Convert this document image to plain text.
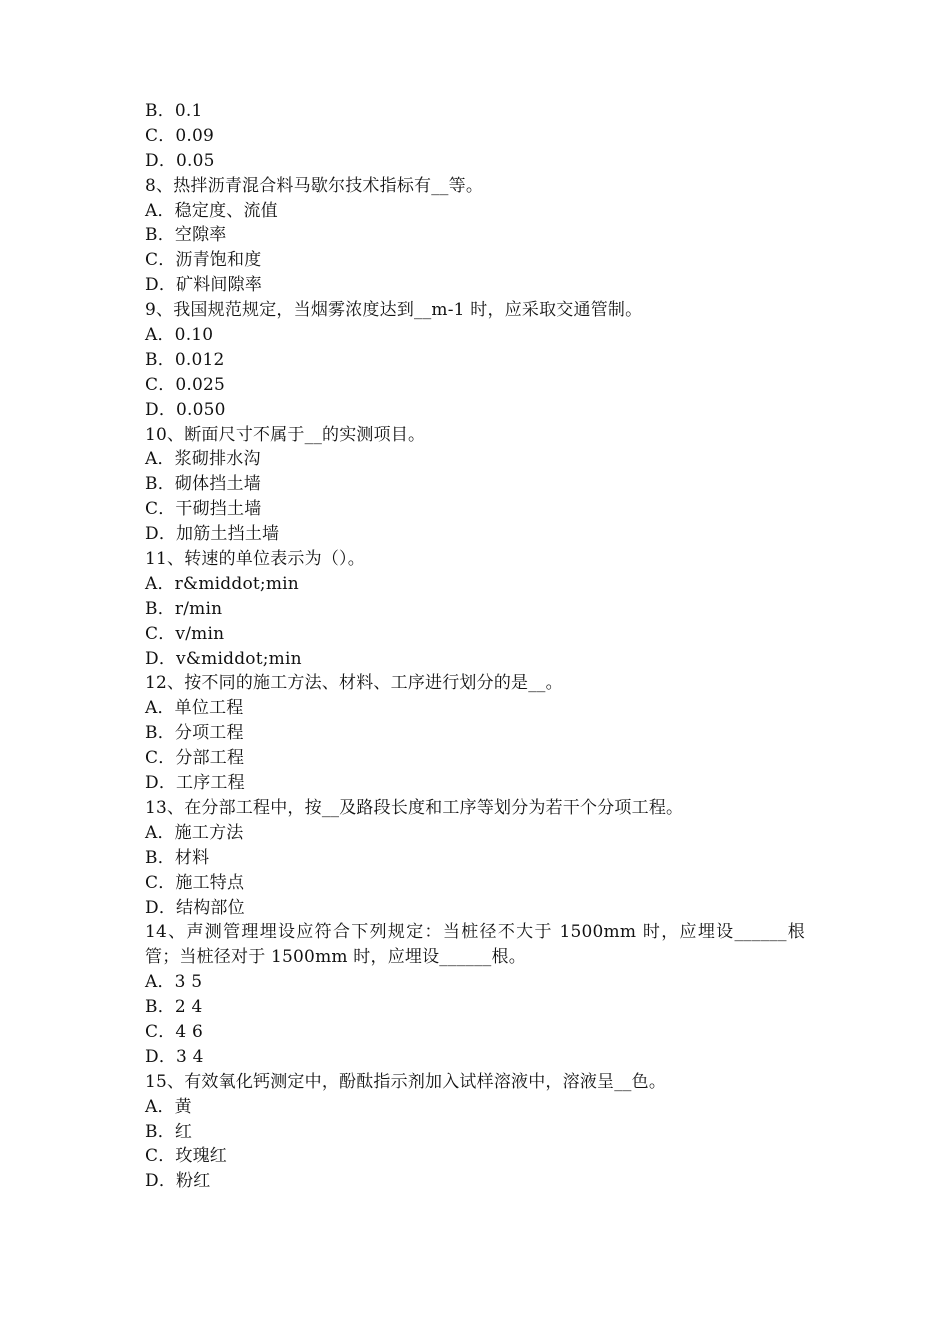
B．0.1
C．0.09
D．0.05
8、热拌沥青混合料马歇尔技术指标有__等。
A．稳定度、流值
B．空隙率
C．沥青饱和度
D．矿料间隙率
9、我国规范规定，当烟雾浓度达到__m-1 时，应采取交通管制。
A．0.10
B．0.012
C．0.025
D．0.050
10、断面尺寸不属于__的实测项目。
A．浆砌排水沟
B．砌体挡土墙
C．干砌挡土墙
D．加筋土挡土墙
11、转速的单位表示为（）。
A．r&middot;min
B．r/min
C．v/min
D．v&middot;min
12、按不同的施工方法、材料、工序进行划分的是__。
A．单位工程
B．分项工程
C．分部工程
D．工序工程
13、在分部工程中，按__及路段长度和工序等划分为若干个分项工程。
A．施工方法
B．材料
C．施工特点
D．结构部位
14、声测管理埋设应符合下列规定：当桩径不大于 1500mm 时，应埋设______根管；当桩径对于 1500mm 时，应埋设______根。
A．3 5
B．2 4
C．4 6
D．3 4
15、有效氧化钙测定中，酚酞指示剂加入试样溶液中，溶液呈__色。
A．黄
B．红
C．玫瑰红
D．粉红
